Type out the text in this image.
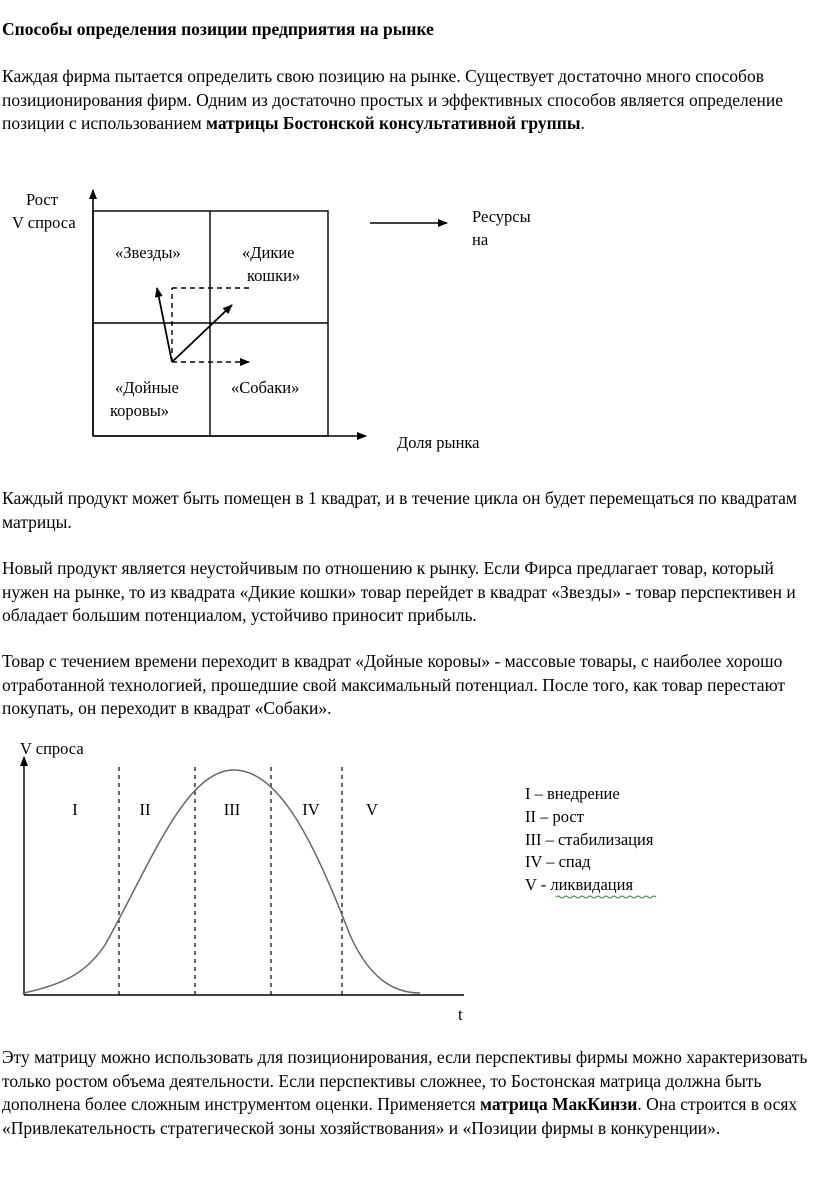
Способы определения позиции предприятия на рынке

Каждая фирма пытается определить свою позицию на рынке. Существует достаточно много способов позиционирования фирм. Одним из достаточно простых и эффективных способов является определение позиции с использованием матрицы Бостонской консультативной группы.

Рост
V спроса	Ресурсы
на
«Звезды»	«Дикие
кошки»
«Дойные
коровы»
«Собаки»
Доля рынка

Каждый продукт может быть помещен в 1 квадрат, и в течение цикла он будет перемещаться по квадратам матрицы.

Новый продукт является неустойчивым по отношению к рынку. Если Фирса предлагает товар, который нужен на рынке, то из квадрата «Дикие кошки» товар перейдет в квадрат «Звезды» - товар перспективен и обладает большим потенциалом, устойчиво приносит прибыль.

Товар с течением времени переходит в квадрат «Дойные коровы» - массовые товары, с наиболее хорошо отработанной технологией, прошедшие свой максимальный потенциал. После того, как товар перестают покупать, он переходит в квадрат «Собаки».

V спроса
t
I	II	III	IV	V
I – внедрение
II – рост
III – стабилизация
IV – спад
V - ликвидация

Эту матрицу можно использовать для позиционирования, если перспективы фирмы можно характеризовать только ростом объема деятельности. Если перспективы сложнее, то Бостонская матрица должна быть дополнена более сложным инструментом оценки. Применяется матрица МакКинзи. Она строится в осях «Привлекательность стратегической зоны хозяйствования» и «Позиции фирмы в конкуренции».
